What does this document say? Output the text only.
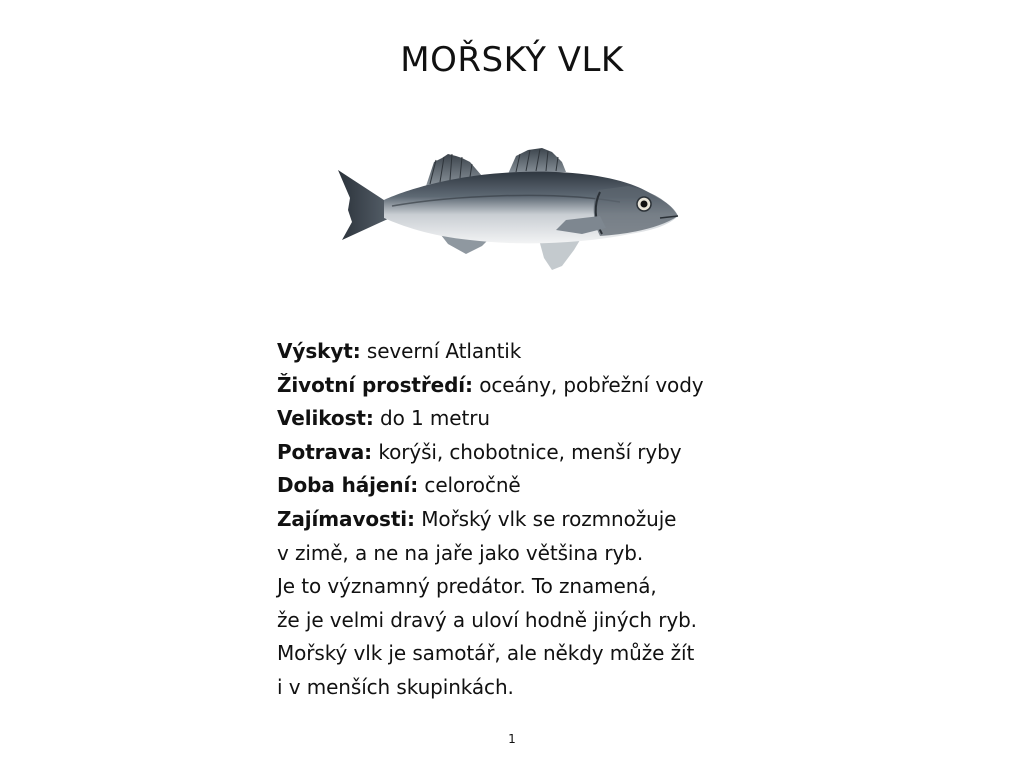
MOŘSKÝ VLK
Výskyt: severní Atlantik
Životní prostředí: oceány, pobřežní vody
Velikost: do 1 metru
Potrava: korýši, chobotnice, menší ryby
Doba hájení: celoročně
Zajímavosti: Mořský vlk se rozmnožuje
v zimě, a ne na jaře jako většina ryb.
Je to významný predátor. To znamená,
že je velmi dravý a uloví hodně jiných ryb.
Mořský vlk je samotář, ale někdy může žít
i v menších skupinkách.
1
